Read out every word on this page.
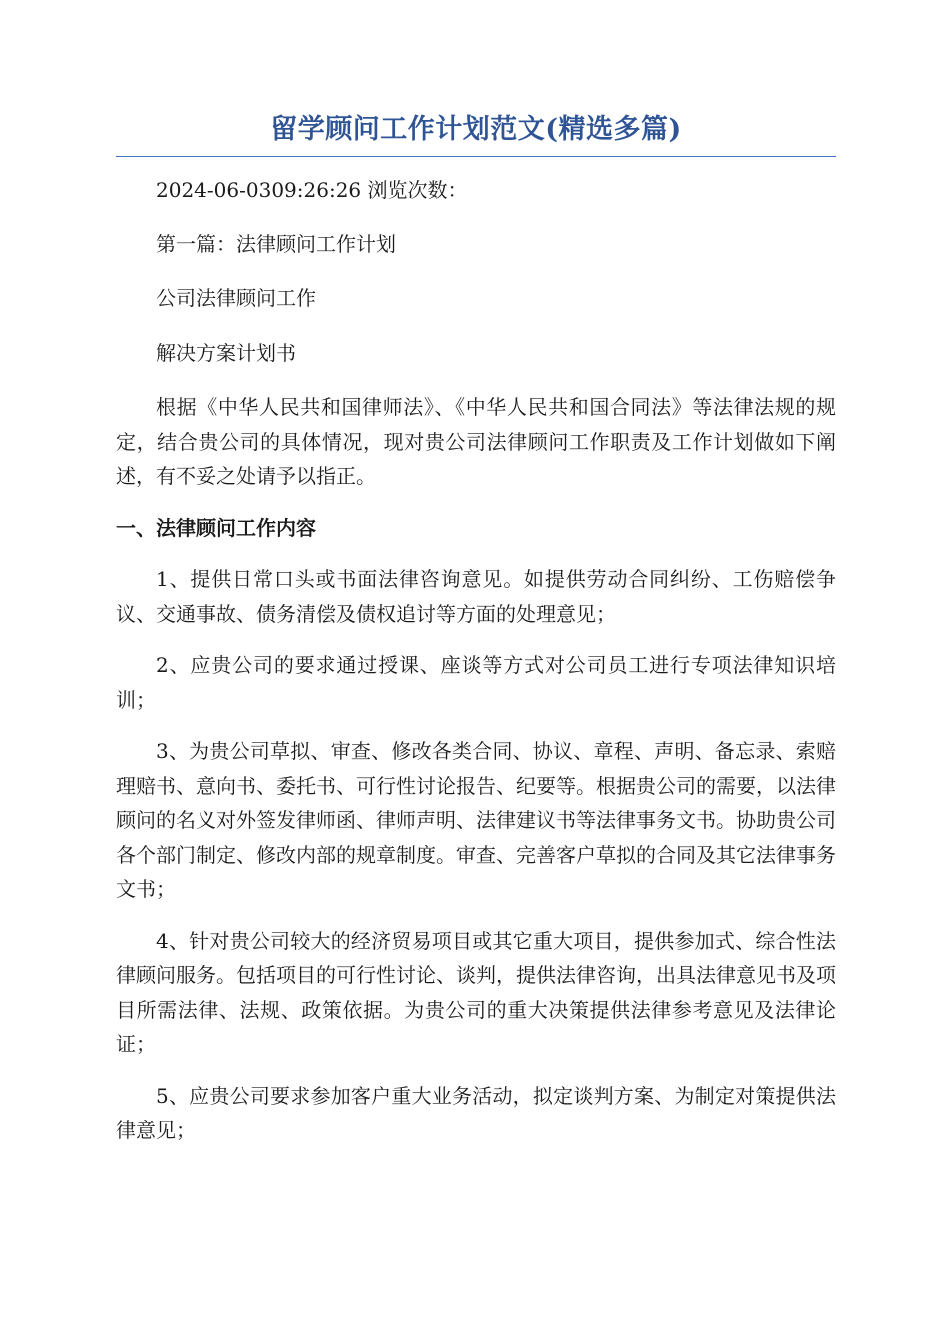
留学顾问工作计划范文(精选多篇)

2024-06-0309:26:26 浏览次数：

第一篇：法律顾问工作计划

公司法律顾问工作

解决方案计划书

根据《中华人民共和国律师法》、《中华人民共和国合同法》等法律法规的规定，结合贵公司的具体情况，现对贵公司法律顾问工作职责及工作计划做如下阐述，有不妥之处请予以指正。

一、法律顾问工作内容

1、提供日常口头或书面法律咨询意见。如提供劳动合同纠纷、工伤赔偿争议、交通事故、债务清偿及债权追讨等方面的处理意见；

2、应贵公司的要求通过授课、座谈等方式对公司员工进行专项法律知识培训；

3、为贵公司草拟、审查、修改各类合同、协议、章程、声明、备忘录、索赔理赔书、意向书、委托书、可行性讨论报告、纪要等。根据贵公司的需要，以法律顾问的名义对外签发律师函、律师声明、法律建议书等法律事务文书。协助贵公司各个部门制定、修改内部的规章制度。审查、完善客户草拟的合同及其它法律事务文书；

4、针对贵公司较大的经济贸易项目或其它重大项目，提供参加式、综合性法律顾问服务。包括项目的可行性讨论、谈判，提供法律咨询，出具法律意见书及项目所需法律、法规、政策依据。为贵公司的重大决策提供法律参考意见及法律论证；

5、应贵公司要求参加客户重大业务活动，拟定谈判方案、为制定对策提供法律意见；
